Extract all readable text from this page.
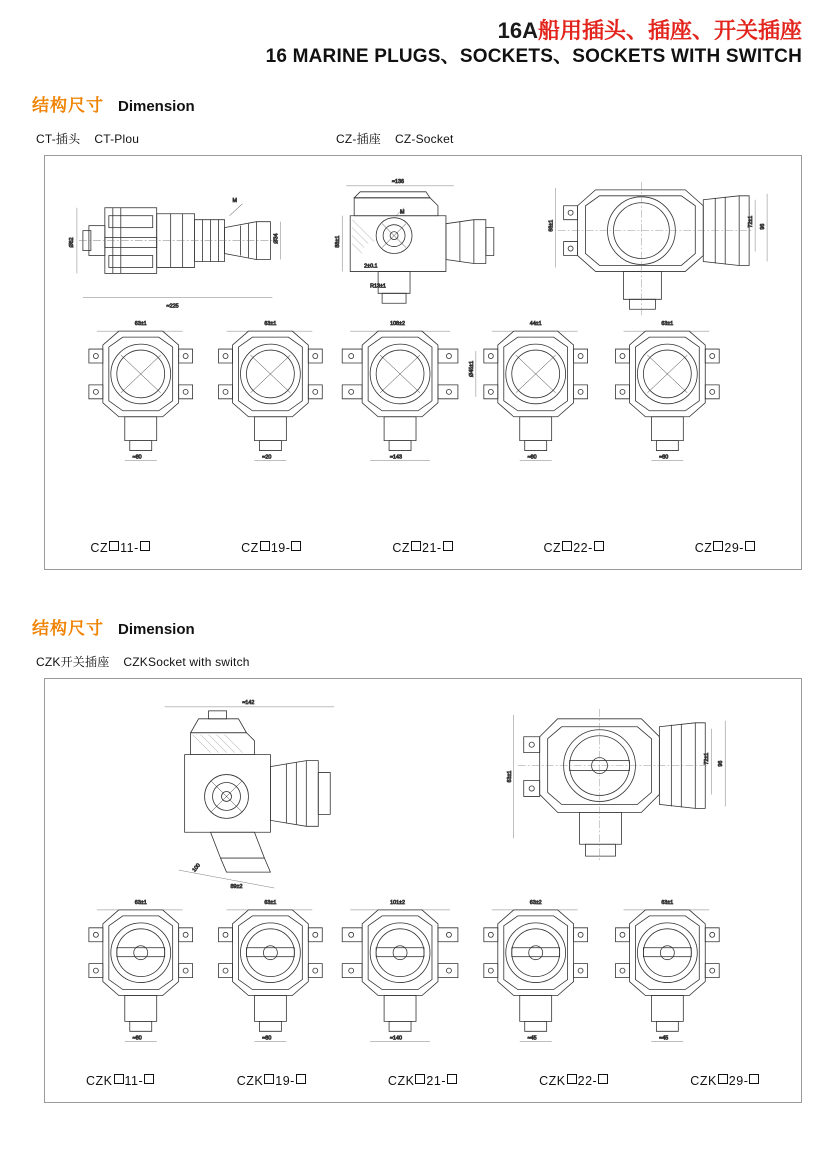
16A船用插头、插座、开关插座
16 MARINE PLUGS、SOCKETS、SOCKETS WITH SWITCH
结构尺寸 Dimension
CT-插头 CT-Plou	CZ-插座 CZ-Socket
≈225
Ø62	Ø34
M
≈136
88±1
R13±1
2±0.1
M
68±1	72±1 96
63±1
≈80
63±1
≈20
108±2
≈143
44±1
Ø45±1
≈80
63±1
≈80
CZ 11-	CZ 19-	CZ 21-	CZ 22-	CZ 29-
结构尺寸 Dimension
CZK开关插座 CZKSocket with switch
≈142
89±2
100
63±1
72±1 96
63±1
≈80
63±1
≈80
101±2
≈140
63±2
≈45
63±1
≈45
CZK 11-	CZK 19-	CZK 21-	CZK 22-	CZK 29-
